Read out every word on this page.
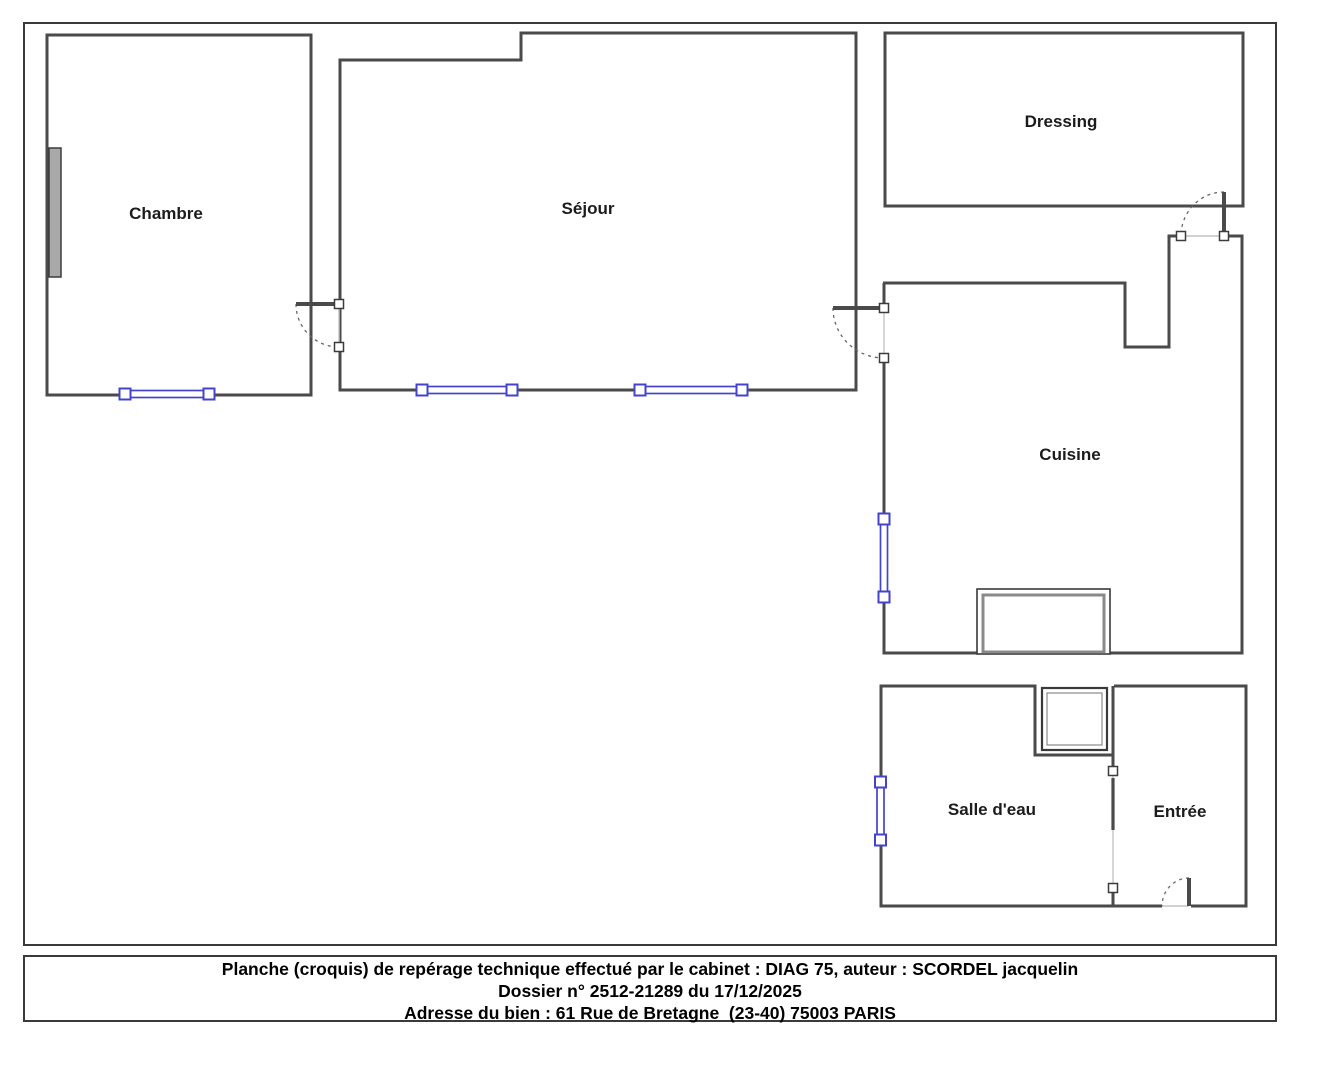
Chambre	Séjour
Dressing
Cuisine
Salle d'eau	Entrée
Planche (croquis) de repérage technique effectué par le cabinet : DIAG 75, auteur : SCORDEL jacquelin
Dossier n° 2512-21289 du 17/12/2025
Adresse du bien : 61 Rue de Bretagne  (23-40) 75003 PARIS
